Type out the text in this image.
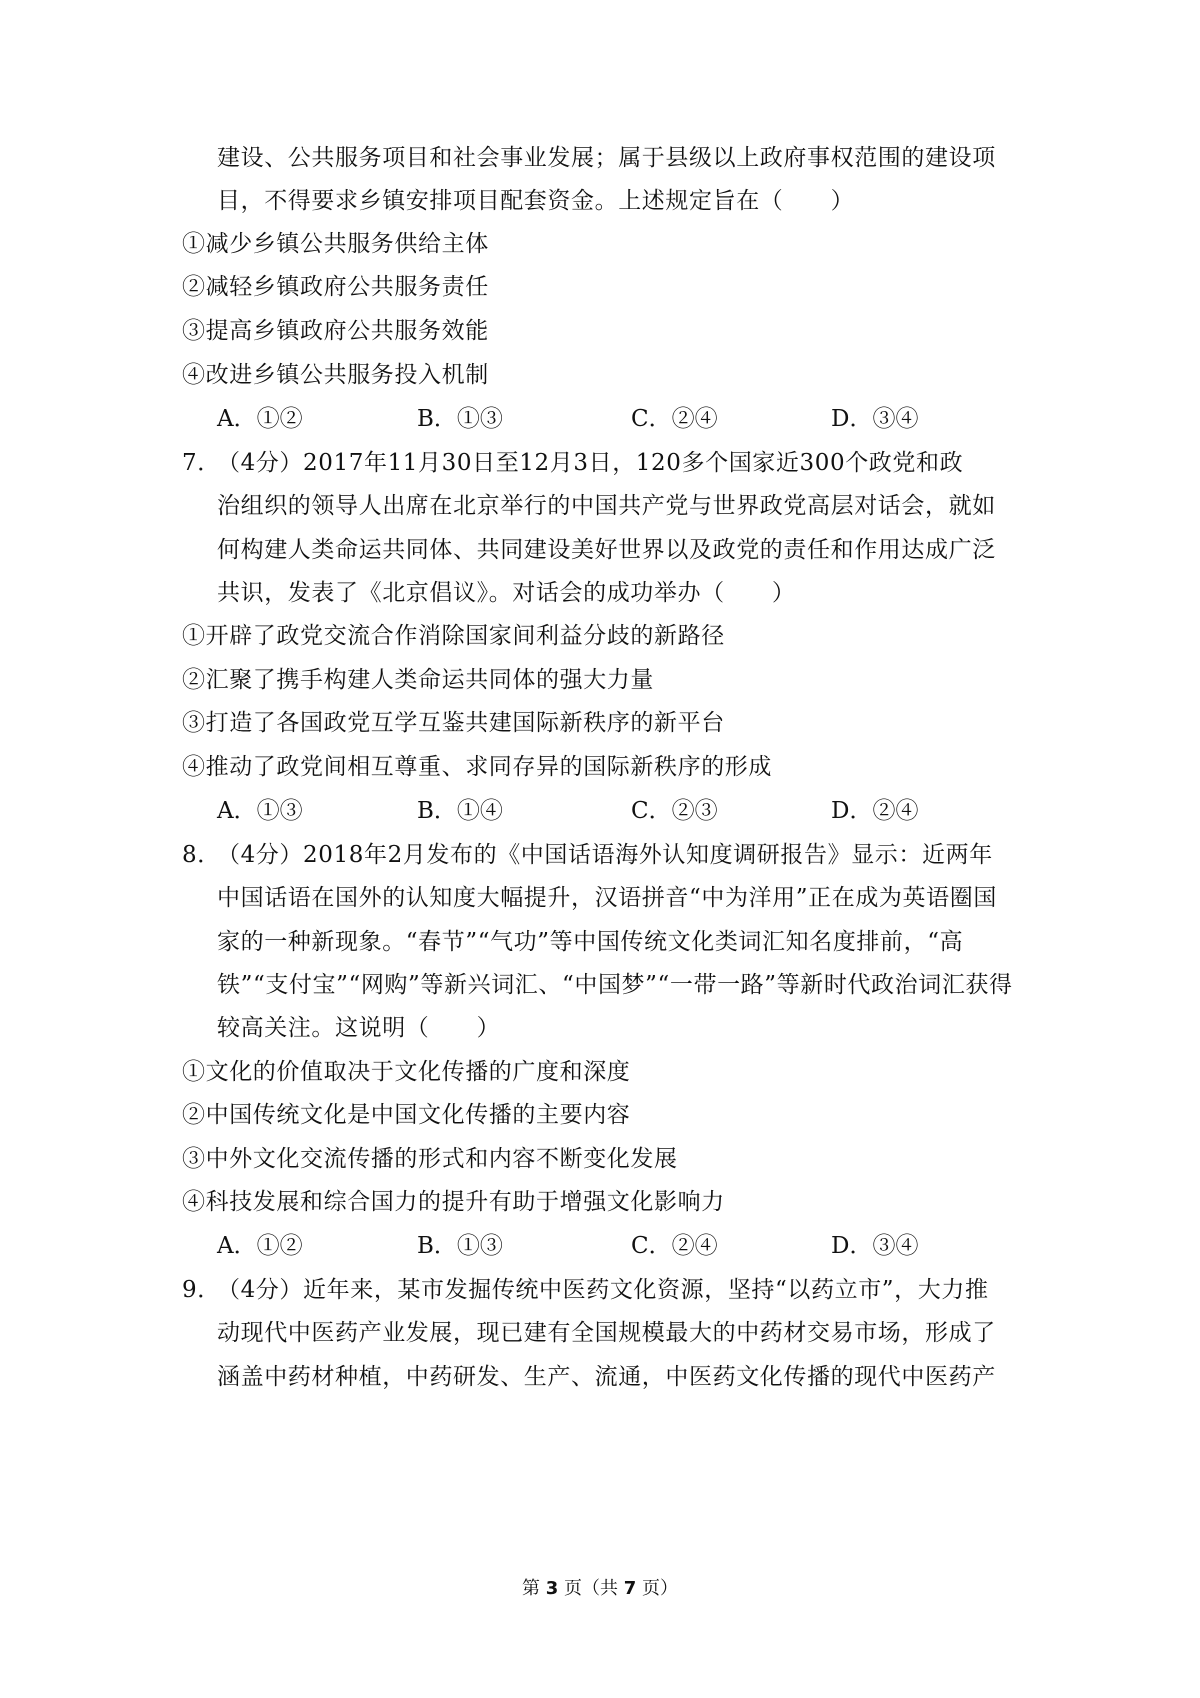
建设、公共服务项目和社会事业发展；属于县级以上政府事权范围的建设项
目，不得要求乡镇安排项目配套资金。上述规定旨在（　　）
①减少乡镇公共服务供给主体
②减轻乡镇政府公共服务责任
③提高乡镇政府公共服务效能
④改进乡镇公共服务投入机制
A．①②	B．①③	C．②④	D．③④
7．
（4分）2017年11月30日至12月3日，120多个国家近300个政党和政
治组织的领导人出席在北京举行的中国共产党与世界政党高层对话会，就如
何构建人类命运共同体、共同建设美好世界以及政党的责任和作用达成广泛
共识，发表了《北京倡议》。对话会的成功举办（　　）
①开辟了政党交流合作消除国家间利益分歧的新路径
②汇聚了携手构建人类命运共同体的强大力量
③打造了各国政党互学互鉴共建国际新秩序的新平台
④推动了政党间相互尊重、求同存异的国际新秩序的形成
A．①③	B．①④	C．②③	D．②④
8．
（4分）2018年2月发布的《中国话语海外认知度调研报告》显示：近两年
中国话语在国外的认知度大幅提升，汉语拼音“中为洋用”正在成为英语圈国
家的一种新现象。“春节”“气功”等中国传统文化类词汇知名度排前，“高
铁”“支付宝”“网购”等新兴词汇、“中国梦”“一带一路”等新时代政治词汇获得
较高关注。这说明（　　）
①文化的价值取决于文化传播的广度和深度
②中国传统文化是中国文化传播的主要内容
③中外文化交流传播的形式和内容不断变化发展
④科技发展和综合国力的提升有助于增强文化影响力
A．①②	B．①③	C．②④	D．③④
9．
（4分）近年来，某市发掘传统中医药文化资源，坚持“以药立市”，大力推
动现代中医药产业发展，现已建有全国规模最大的中药材交易市场，形成了
涵盖中药材种植，中药研发、生产、流通，中医药文化传播的现代中医药产
第 3 页（共 7 页）
